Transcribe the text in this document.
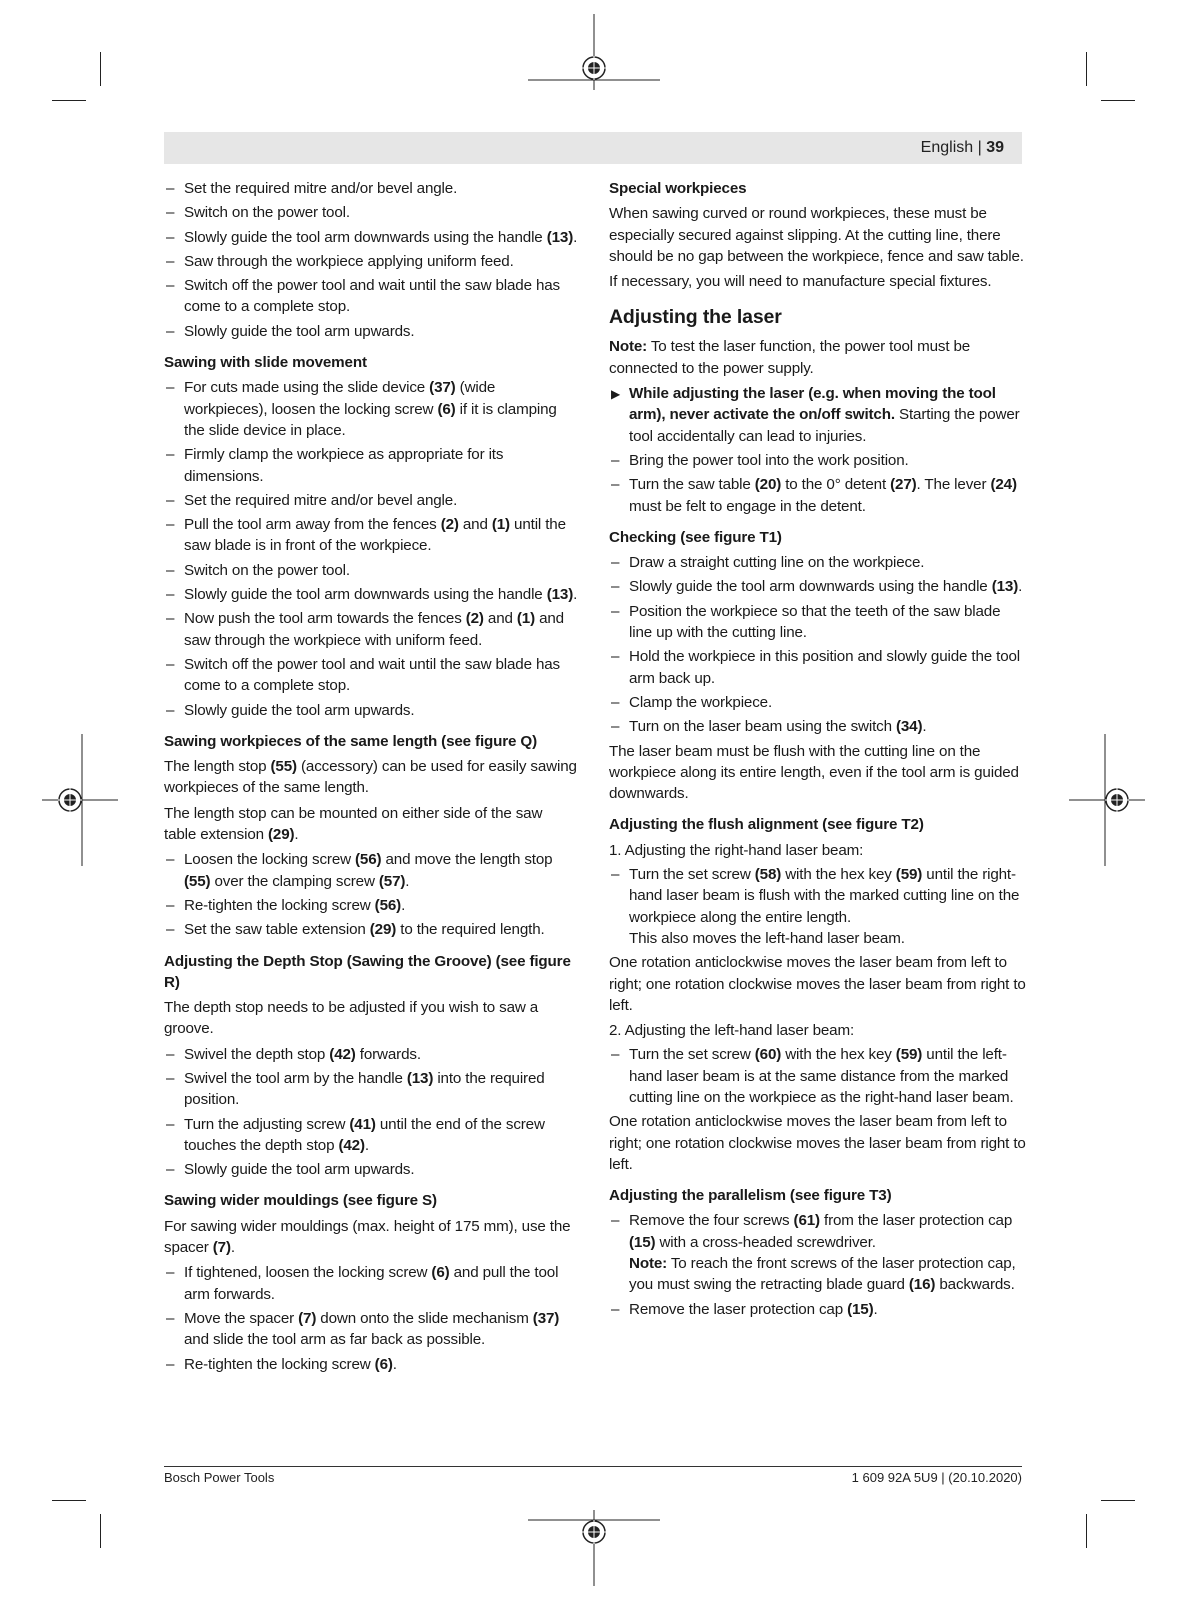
English | 39
– Set the required mitre and/or bevel angle.
– Switch on the power tool.
– Slowly guide the tool arm downwards using the handle (13).
– Saw through the workpiece applying uniform feed.
– Switch off the power tool and wait until the saw blade has come to a complete stop.
– Slowly guide the tool arm upwards.
Sawing with slide movement
– For cuts made using the slide device (37) (wide workpieces), loosen the locking screw (6) if it is clamping the slide device in place.
– Firmly clamp the workpiece as appropriate for its dimensions.
– Set the required mitre and/or bevel angle.
– Pull the tool arm away from the fences (2) and (1) until the saw blade is in front of the workpiece.
– Switch on the power tool.
– Slowly guide the tool arm downwards using the handle (13).
– Now push the tool arm towards the fences (2) and (1) and saw through the workpiece with uniform feed.
– Switch off the power tool and wait until the saw blade has come to a complete stop.
– Slowly guide the tool arm upwards.
Sawing workpieces of the same length (see figure Q)
The length stop (55) (accessory) can be used for easily sawing workpieces of the same length.
The length stop can be mounted on either side of the saw table extension (29).
– Loosen the locking screw (56) and move the length stop (55) over the clamping screw (57).
– Re-tighten the locking screw (56).
– Set the saw table extension (29) to the required length.
Adjusting the Depth Stop (Sawing the Groove) (see figure R)
The depth stop needs to be adjusted if you wish to saw a groove.
– Swivel the depth stop (42) forwards.
– Swivel the tool arm by the handle (13) into the required position.
– Turn the adjusting screw (41) until the end of the screw touches the depth stop (42).
– Slowly guide the tool arm upwards.
Sawing wider mouldings (see figure S)
For sawing wider mouldings (max. height of 175 mm), use the spacer (7).
– If tightened, loosen the locking screw (6) and pull the tool arm forwards.
– Move the spacer (7) down onto the slide mechanism (37) and slide the tool arm as far back as possible.
– Re-tighten the locking screw (6).
Special workpieces
When sawing curved or round workpieces, these must be especially secured against slipping. At the cutting line, there should be no gap between the workpiece, fence and saw table.
If necessary, you will need to manufacture special fixtures.
Adjusting the laser
Note: To test the laser function, the power tool must be connected to the power supply.
▶ While adjusting the laser (e.g. when moving the tool arm), never activate the on/off switch. Starting the power tool accidentally can lead to injuries.
– Bring the power tool into the work position.
– Turn the saw table (20) to the 0° detent (27). The lever (24) must be felt to engage in the detent.
Checking (see figure T1)
– Draw a straight cutting line on the workpiece.
– Slowly guide the tool arm downwards using the handle (13).
– Position the workpiece so that the teeth of the saw blade line up with the cutting line.
– Hold the workpiece in this position and slowly guide the tool arm back up.
– Clamp the workpiece.
– Turn on the laser beam using the switch (34).
The laser beam must be flush with the cutting line on the workpiece along its entire length, even if the tool arm is guided downwards.
Adjusting the flush alignment (see figure T2)
1. Adjusting the right-hand laser beam:
– Turn the set screw (58) with the hex key (59) until the right-hand laser beam is flush with the marked cutting line on the workpiece along the entire length.
This also moves the left-hand laser beam.
One rotation anticlockwise moves the laser beam from left to right; one rotation clockwise moves the laser beam from right to left.
2. Adjusting the left-hand laser beam:
– Turn the set screw (60) with the hex key (59) until the left-hand laser beam is at the same distance from the marked cutting line on the workpiece as the right-hand laser beam.
One rotation anticlockwise moves the laser beam from left to right; one rotation clockwise moves the laser beam from right to left.
Adjusting the parallelism (see figure T3)
– Remove the four screws (61) from the laser protection cap (15) with a cross-headed screwdriver.
Note: To reach the front screws of the laser protection cap, you must swing the retracting blade guard (16) backwards.
– Remove the laser protection cap (15).
Bosch Power Tools	1 609 92A 5U9 | (20.10.2020)
